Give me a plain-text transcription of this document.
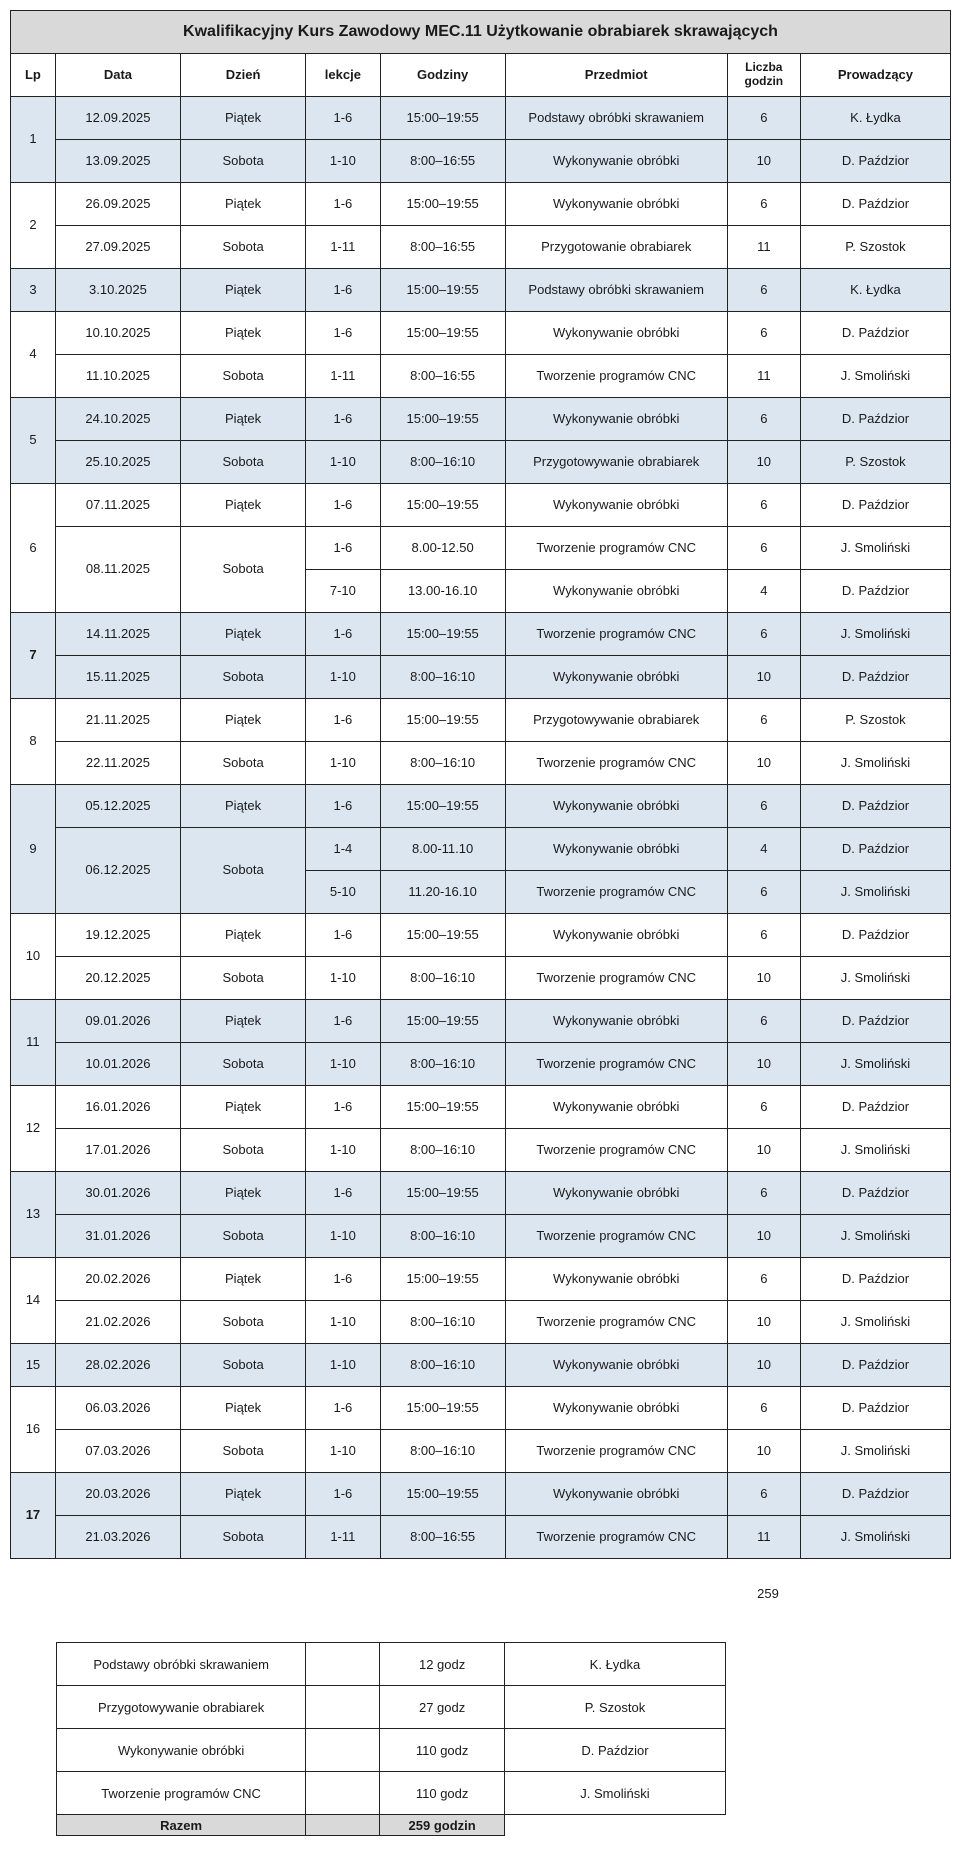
Kwalifikacyjny Kurs Zawodowy MEC.11 Użytkowanie obrabiarek skrawających							
Lp	Data	Dzień	lekcje	Godziny	Przedmiot	Liczba godzin	Prowadzący
1	12.09.2025	Piątek	1-6	15:00–19:55	Podstawy obróbki skrawaniem	6	K. Łydka
	13.09.2025	Sobota	1-10	8:00–16:55	Wykonywanie obróbki	10	D. Paździor
2	26.09.2025	Piątek	1-6	15:00–19:55	Wykonywanie obróbki	6	D. Paździor
	27.09.2025	Sobota	1-11	8:00–16:55	Przygotowanie obrabiarek	11	P. Szostok
3	3.10.2025	Piątek	1-6	15:00–19:55	Podstawy obróbki skrawaniem	6	K. Łydka
4	10.10.2025	Piątek	1-6	15:00–19:55	Wykonywanie obróbki	6	D. Paździor
	11.10.2025	Sobota	1-11	8:00–16:55	Tworzenie programów CNC	11	J. Smoliński
5	24.10.2025	Piątek	1-6	15:00–19:55	Wykonywanie obróbki	6	D. Paździor
	25.10.2025	Sobota	1-10	8:00–16:10	Przygotowywanie obrabiarek	10	P. Szostok
6	07.11.2025	Piątek	1-6	15:00–19:55	Wykonywanie obróbki	6	D. Paździor
	08.11.2025	Sobota	1-6	8.00-12.50	Tworzenie programów CNC	6	J. Smoliński
			7-10	13.00-16.10	Wykonywanie obróbki	4	D. Paździor
7	14.11.2025	Piątek	1-6	15:00–19:55	Tworzenie programów CNC	6	J. Smoliński
	15.11.2025	Sobota	1-10	8:00–16:10	Wykonywanie obróbki	10	D. Paździor
8	21.11.2025	Piątek	1-6	15:00–19:55	Przygotowywanie obrabiarek	6	P. Szostok
	22.11.2025	Sobota	1-10	8:00–16:10	Tworzenie programów CNC	10	J. Smoliński
9	05.12.2025	Piątek	1-6	15:00–19:55	Wykonywanie obróbki	6	D. Paździor
	06.12.2025	Sobota	1-4	8.00-11.10	Wykonywanie obróbki	4	D. Paździor
			5-10	11.20-16.10	Tworzenie programów CNC	6	J. Smoliński
10	19.12.2025	Piątek	1-6	15:00–19:55	Wykonywanie obróbki	6	D. Paździor
	20.12.2025	Sobota	1-10	8:00–16:10	Tworzenie programów CNC	10	J. Smoliński
11	09.01.2026	Piątek	1-6	15:00–19:55	Wykonywanie obróbki	6	D. Paździor
	10.01.2026	Sobota	1-10	8:00–16:10	Tworzenie programów CNC	10	J. Smoliński
12	16.01.2026	Piątek	1-6	15:00–19:55	Wykonywanie obróbki	6	D. Paździor
	17.01.2026	Sobota	1-10	8:00–16:10	Tworzenie programów CNC	10	J. Smoliński
13	30.01.2026	Piątek	1-6	15:00–19:55	Wykonywanie obróbki	6	D. Paździor
	31.01.2026	Sobota	1-10	8:00–16:10	Tworzenie programów CNC	10	J. Smoliński
14	20.02.2026	Piątek	1-6	15:00–19:55	Wykonywanie obróbki	6	D. Paździor
	21.02.2026	Sobota	1-10	8:00–16:10	Tworzenie programów CNC	10	J. Smoliński
15	28.02.2026	Sobota	1-10	8:00–16:10	Wykonywanie obróbki	10	D. Paździor
16	06.03.2026	Piątek	1-6	15:00–19:55	Wykonywanie obróbki	6	D. Paździor
	07.03.2026	Sobota	1-10	8:00–16:10	Tworzenie programów CNC	10	J. Smoliński
17	20.03.2026	Piątek	1-6	15:00–19:55	Wykonywanie obróbki	6	D. Paździor
	21.03.2026	Sobota	1-11	8:00–16:55	Tworzenie programów CNC	11	J. Smoliński
259
Podstawy obróbki skrawaniem		12 godz	K. Łydka
Przygotowywanie obrabiarek		27 godz	P. Szostok
Wykonywanie obróbki		110 godz	D. Paździor
Tworzenie programów CNC		110 godz	J. Smoliński
Razem		259 godzin	
